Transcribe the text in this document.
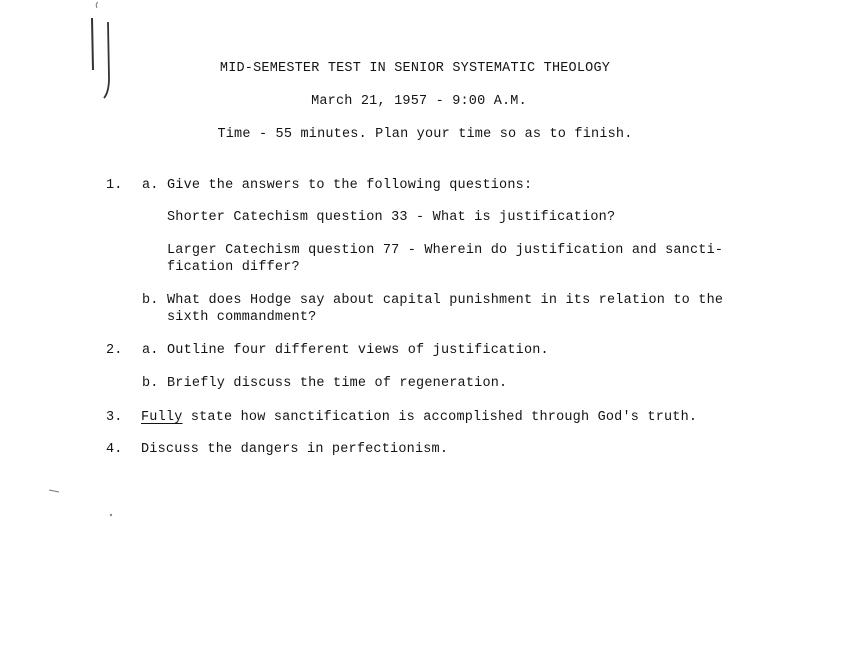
MID-SEMESTER TEST IN SENIOR SYSTEMATIC THEOLOGY
March 21, 1957 - 9:00 A.M.
Time - 55 minutes. Plan your time so as to finish.
1. a. Give the answers to the following questions:
Shorter Catechism question 33 - What is justification?
Larger Catechism question 77 - Wherein do justification and sancti-
fication differ?
b. What does Hodge say about capital punishment in its relation to the
sixth commandment?
2. a. Outline four different views of justification.
b. Briefly discuss the time of regeneration.
3. Fully state how sanctification is accomplished through God's truth.
4. Discuss the dangers in perfectionism.
